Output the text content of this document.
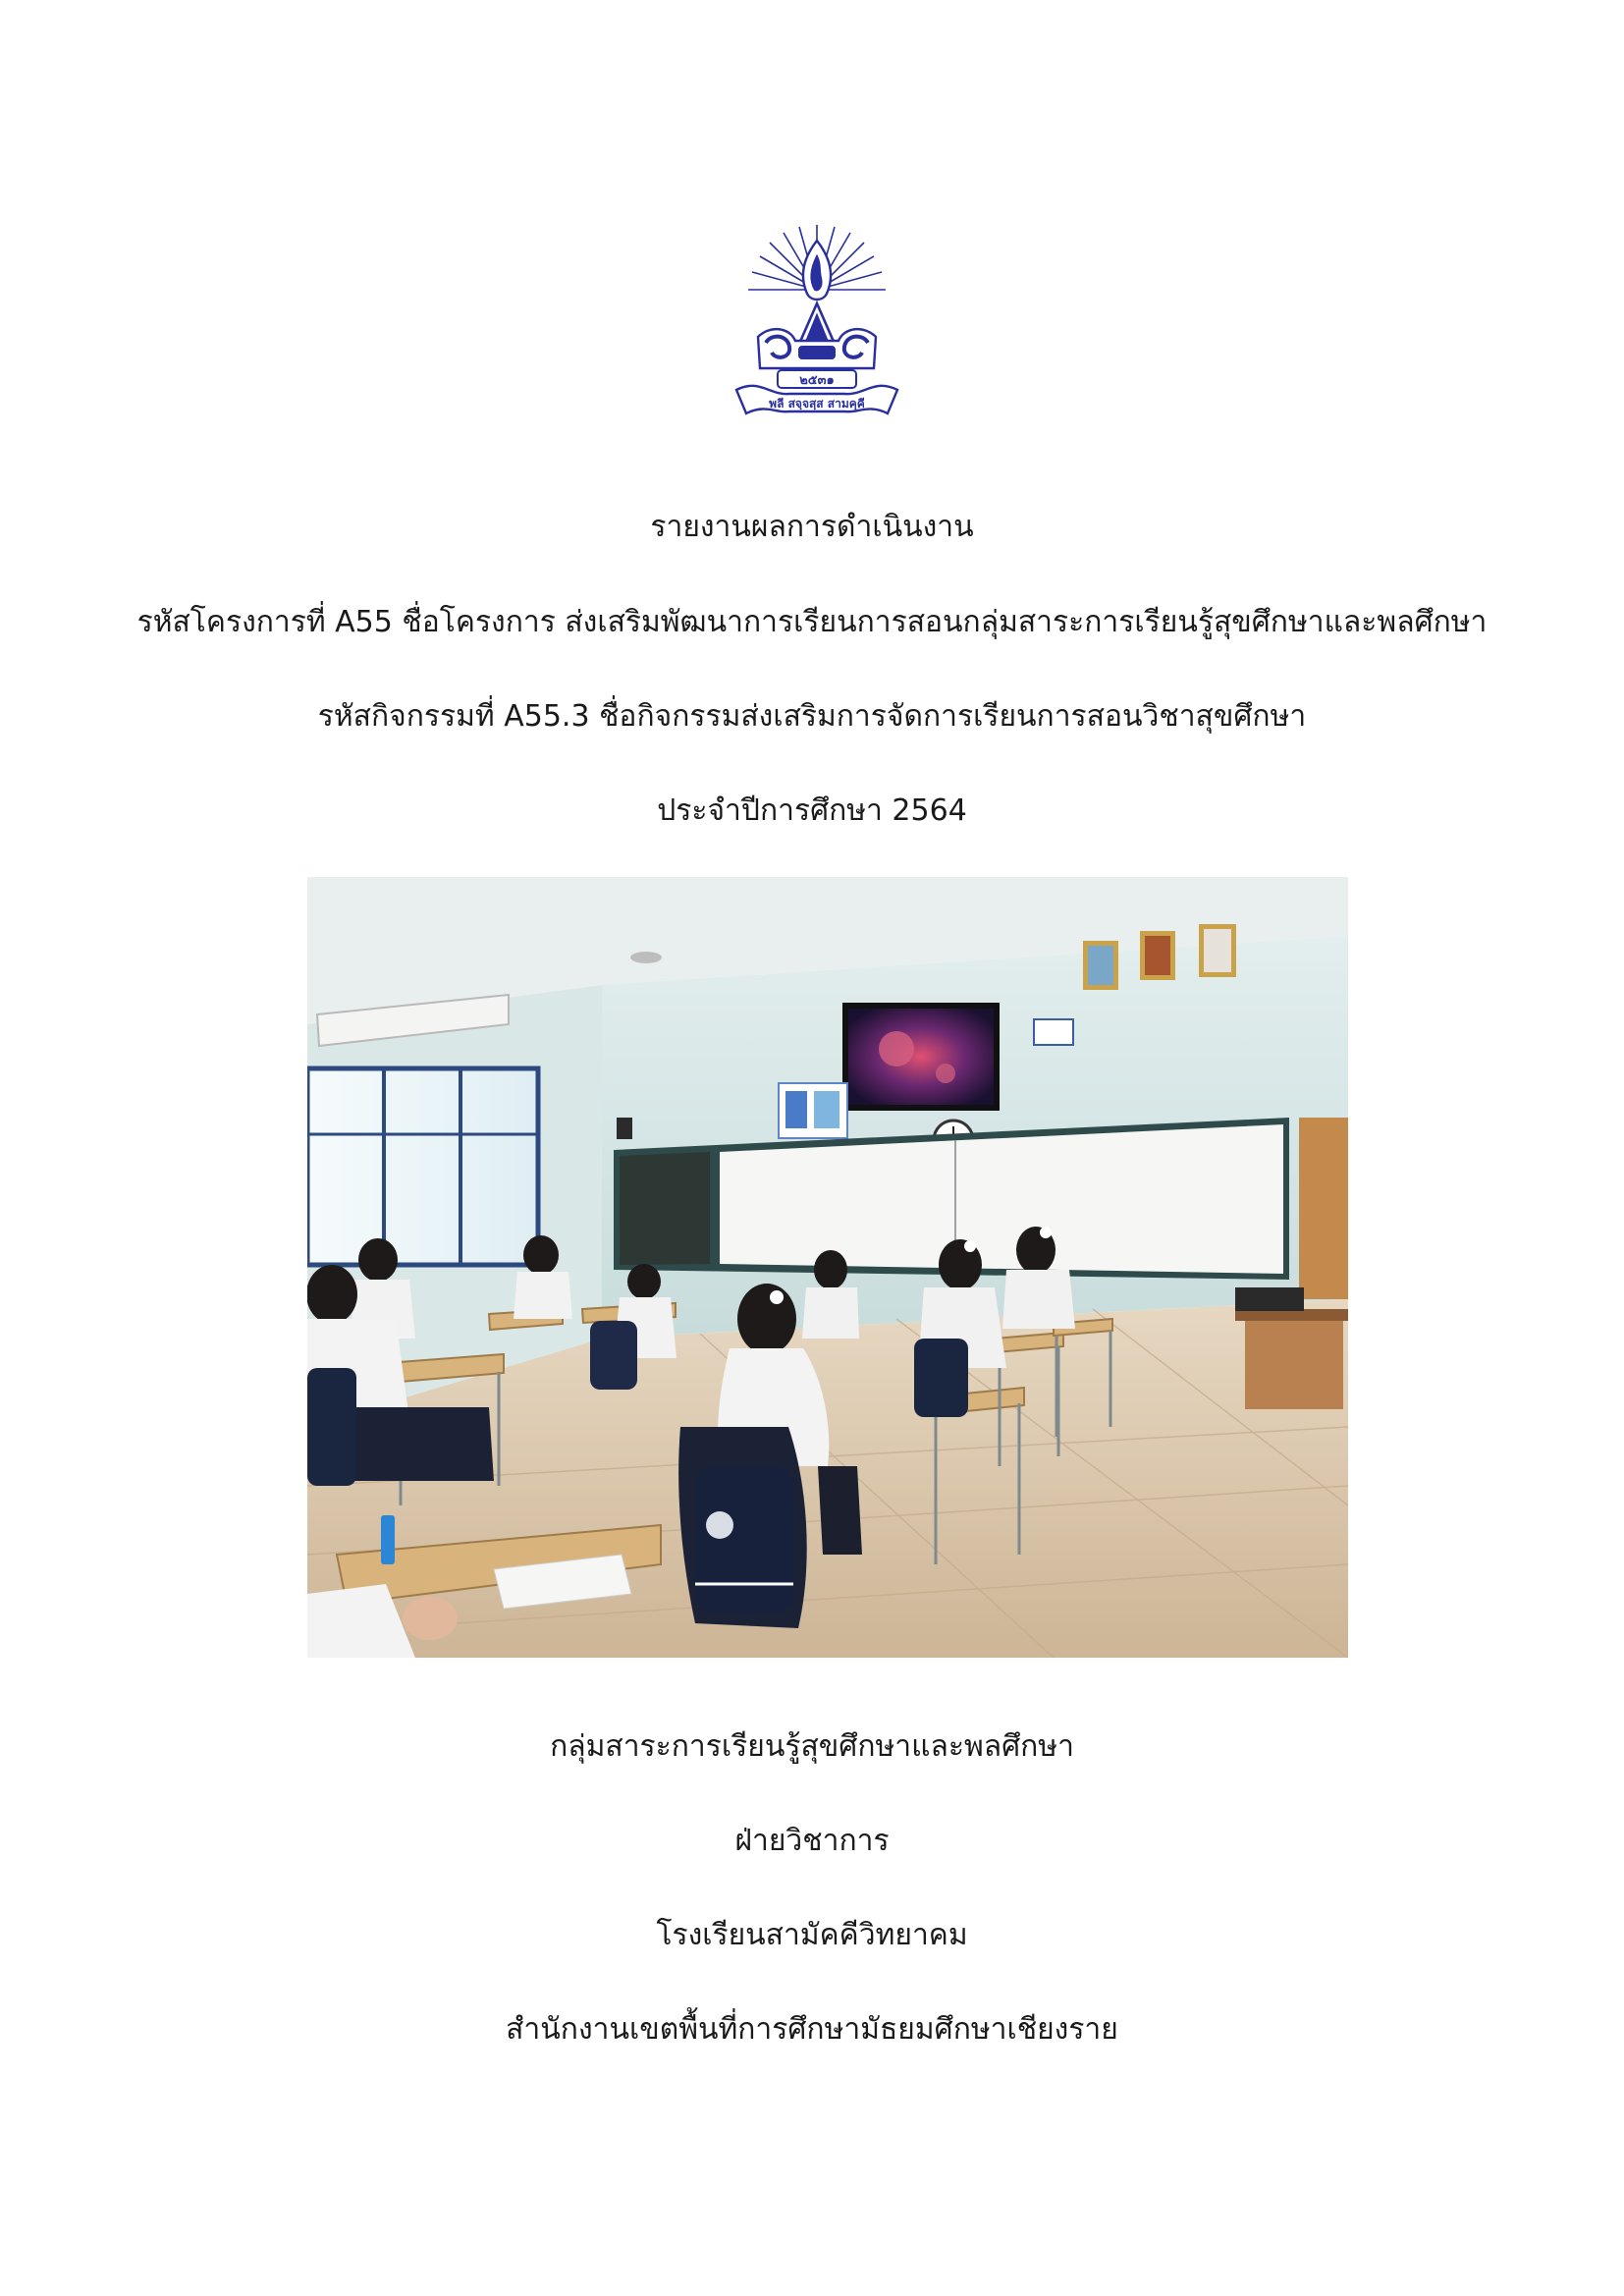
๒๕๓๑
พลี สจฺจสฺส สามคฺคี
รายงานผลการดำเนินงาน
รหัสโครงการที่ A55 ชื่อโครงการ ส่งเสริมพัฒนาการเรียนการสอนกลุ่มสาระการเรียนรู้สุขศึกษาและพลศึกษา
รหัสกิจกรรมที่ A55.3 ชื่อกิจกรรมส่งเสริมการจัดการเรียนการสอนวิชาสุขศึกษา
ประจำปีการศึกษา 2564
กลุ่มสาระการเรียนรู้สุขศึกษาและพลศึกษา
ฝ่ายวิชาการ
โรงเรียนสามัคคีวิทยาคม
สำนักงานเขตพื้นที่การศึกษามัธยมศึกษาเชียงราย
